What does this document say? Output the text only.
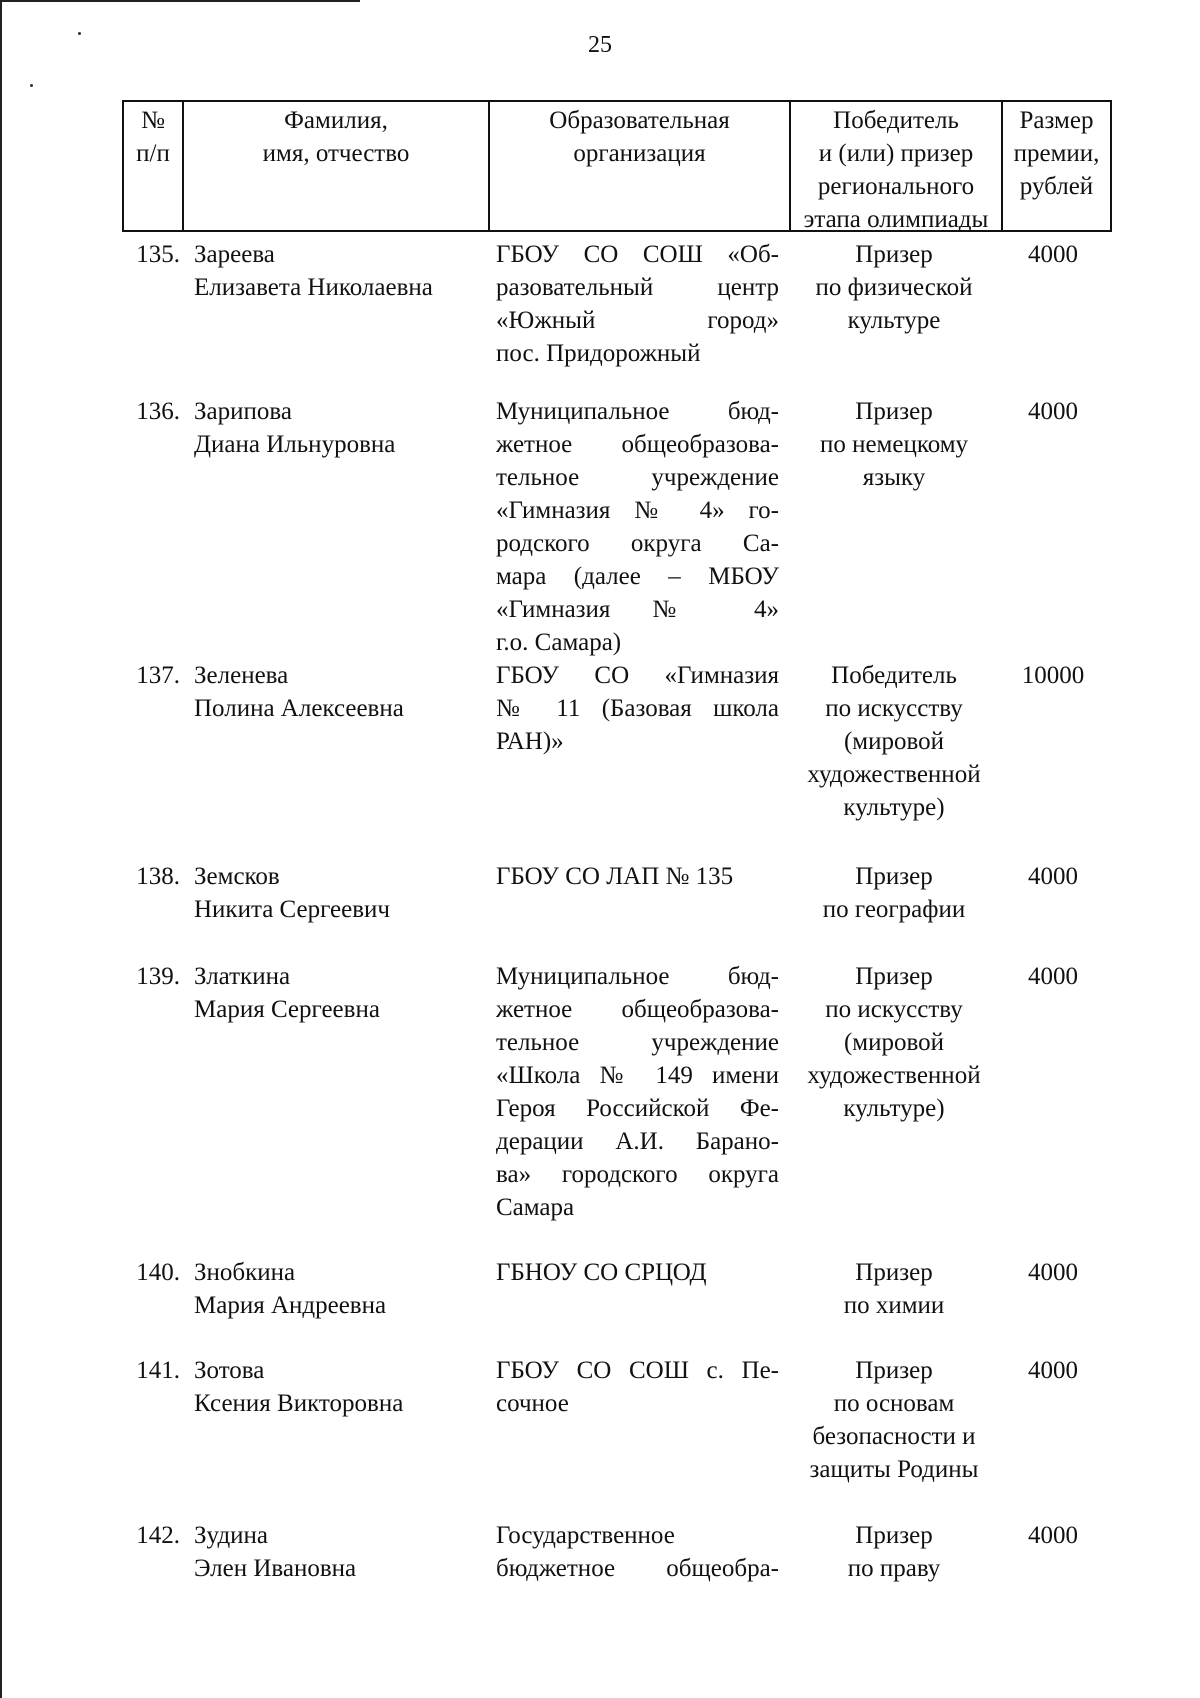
25
№
п/п
Фамилия,
имя, отчество
Образовательная
организация
Победитель
и (или) призер
регионального
этапа олимпиады
Размер
премии,
рублей
135. Зареева
Елизавета Николаевна
ГБОУ СО СОШ «Об-
разовательный центр
«Южный город»
пос. Придорожный
Призер
по физической
культуре
4000
136. Зарипова
Диана Ильнуровна
Муниципальное бюд-
жетное общеобразова-
тельное учреждение
«Гимназия № 4» го-
родского округа Са-
мара (далее – МБОУ
«Гимназия № 4»
г.о. Самара)
Призер
по немецкому
языку
4000
137. Зеленева
Полина Алексеевна
ГБОУ СО «Гимназия
№ 11 (Базовая школа
РАН)»
Победитель
по искусству
(мировой
художественной
культуре)
10000
138. Земсков
Никита Сергеевич
ГБОУ СО ЛАП № 135	Призер
по географии
4000
139. Златкина
Мария Сергеевна
Муниципальное бюд-
жетное общеобразова-
тельное учреждение
«Школа № 149 имени
Героя Российской Фе-
дерации А.И. Барано-
ва» городского округа
Самара
Призер
по искусству
(мировой
художественной
культуре)
4000
140. Знобкина
Мария Андреевна
ГБНОУ СО СРЦОД	Призер
по химии
4000
141. Зотова
Ксения Викторовна
ГБОУ СО СОШ с. Пе-
сочное
Призер
по основам
безопасности и
защиты Родины
4000
142. Зудина
Элен Ивановна
Государственное
бюджетное общеобра-
Призер
по праву
4000
